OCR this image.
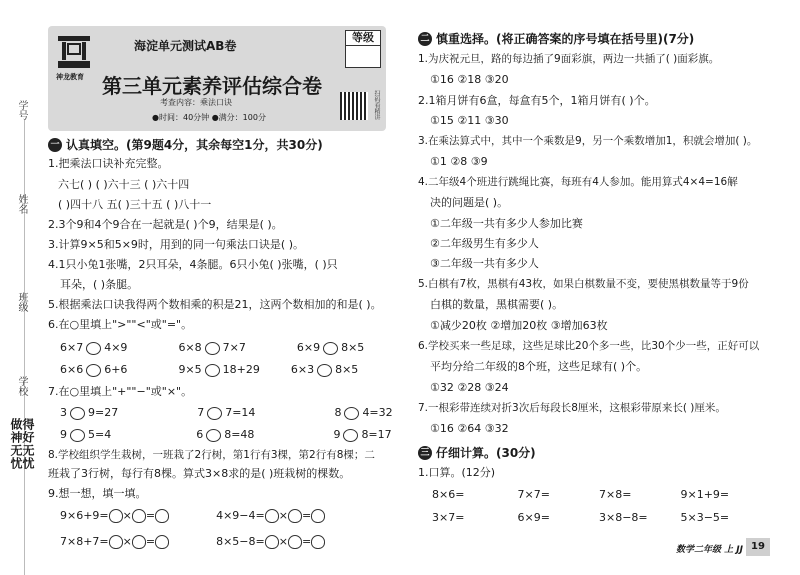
学号
姓名
班级
学校
做神无忧
得好无忧
神龙教育
海淀单元测试AB卷
等级
第三单元素养评估综合卷
考查内容：乘法口诀
●时间：40分钟 ●满分：100分	扫码看精讲
一 认真填空。(第9题4分，其余每空1分，共30分)
1.把乘法口诀补充完整。
六七( ) ( )六十三 ( )六十四
( )四十八 五( )三十五 ( )八十一
2.3个9和4个9合在一起就是( )个9，结果是( )。
3.计算9×5和5×9时，用到的同一句乘法口诀是( )。
4.1只小兔1张嘴，2只耳朵，4条腿。6只小兔( )张嘴，( )只
耳朵，( )条腿。
5.根据乘法口诀我得两个数相乘的积是21，这两个数相加的和是( )。
6.在○里填上">""<"或"="。
6×7 4×9	6×8 7×7	6×9 8×5
6×6 6+6	9×5 18+29	6×3 8×5
7.在○里填上"+""−"或"×"。
3 9=27	7 7=14	8 4=32
9 5=4	6 8=48	9 8=17
8.学校组织学生栽树，一班栽了2行树，第1行有3棵，第2行有8棵；二
班栽了3行树，每行有8棵。算式3×8求的是( )班栽树的棵数。
9.想一想，填一填。
9×6+9= × =	4×9−4= × =
7×8+7= × =	8×5−8= × =
二 慎重选择。(将正确答案的序号填在括号里)(7分)
1.为庆祝元旦，路的每边插了9面彩旗，两边一共插了( )面彩旗。
①16 ②18 ③20
2.1箱月饼有6盒，每盒有5个，1箱月饼有( )个。
①15 ②11 ③30
3.在乘法算式中，其中一个乘数是9，另一个乘数增加1，积就会增加( )。
①1 ②8 ③9
4.二年级4个班进行跳绳比赛，每班有4人参加。能用算式4×4=16解
决的问题是( )。
①二年级一共有多少人参加比赛
②二年级男生有多少人
③二年级一共有多少人
5.白棋有7枚，黑棋有43枚，如果白棋数量不变，要使黑棋数量等于9份
白棋的数量，黑棋需要( )。
①减少20枚 ②增加20枚 ③增加63枚
6.学校买来一些足球，这些足球比20个多一些，比30个少一些，正好可以
平均分给二年级的8个班，这些足球有( )个。
①32 ②28 ③24
7.一根彩带连续对折3次后每段长8厘米，这根彩带原来长( )厘米。
①16 ②64 ③32
三 仔细计算。(30分)
1.口算。(12分)
8×6=	7×7=	7×8=	9×1+9=
3×7=	6×9=	3×8−8=	5×3−5=
数学二年级 上 JJ 19
